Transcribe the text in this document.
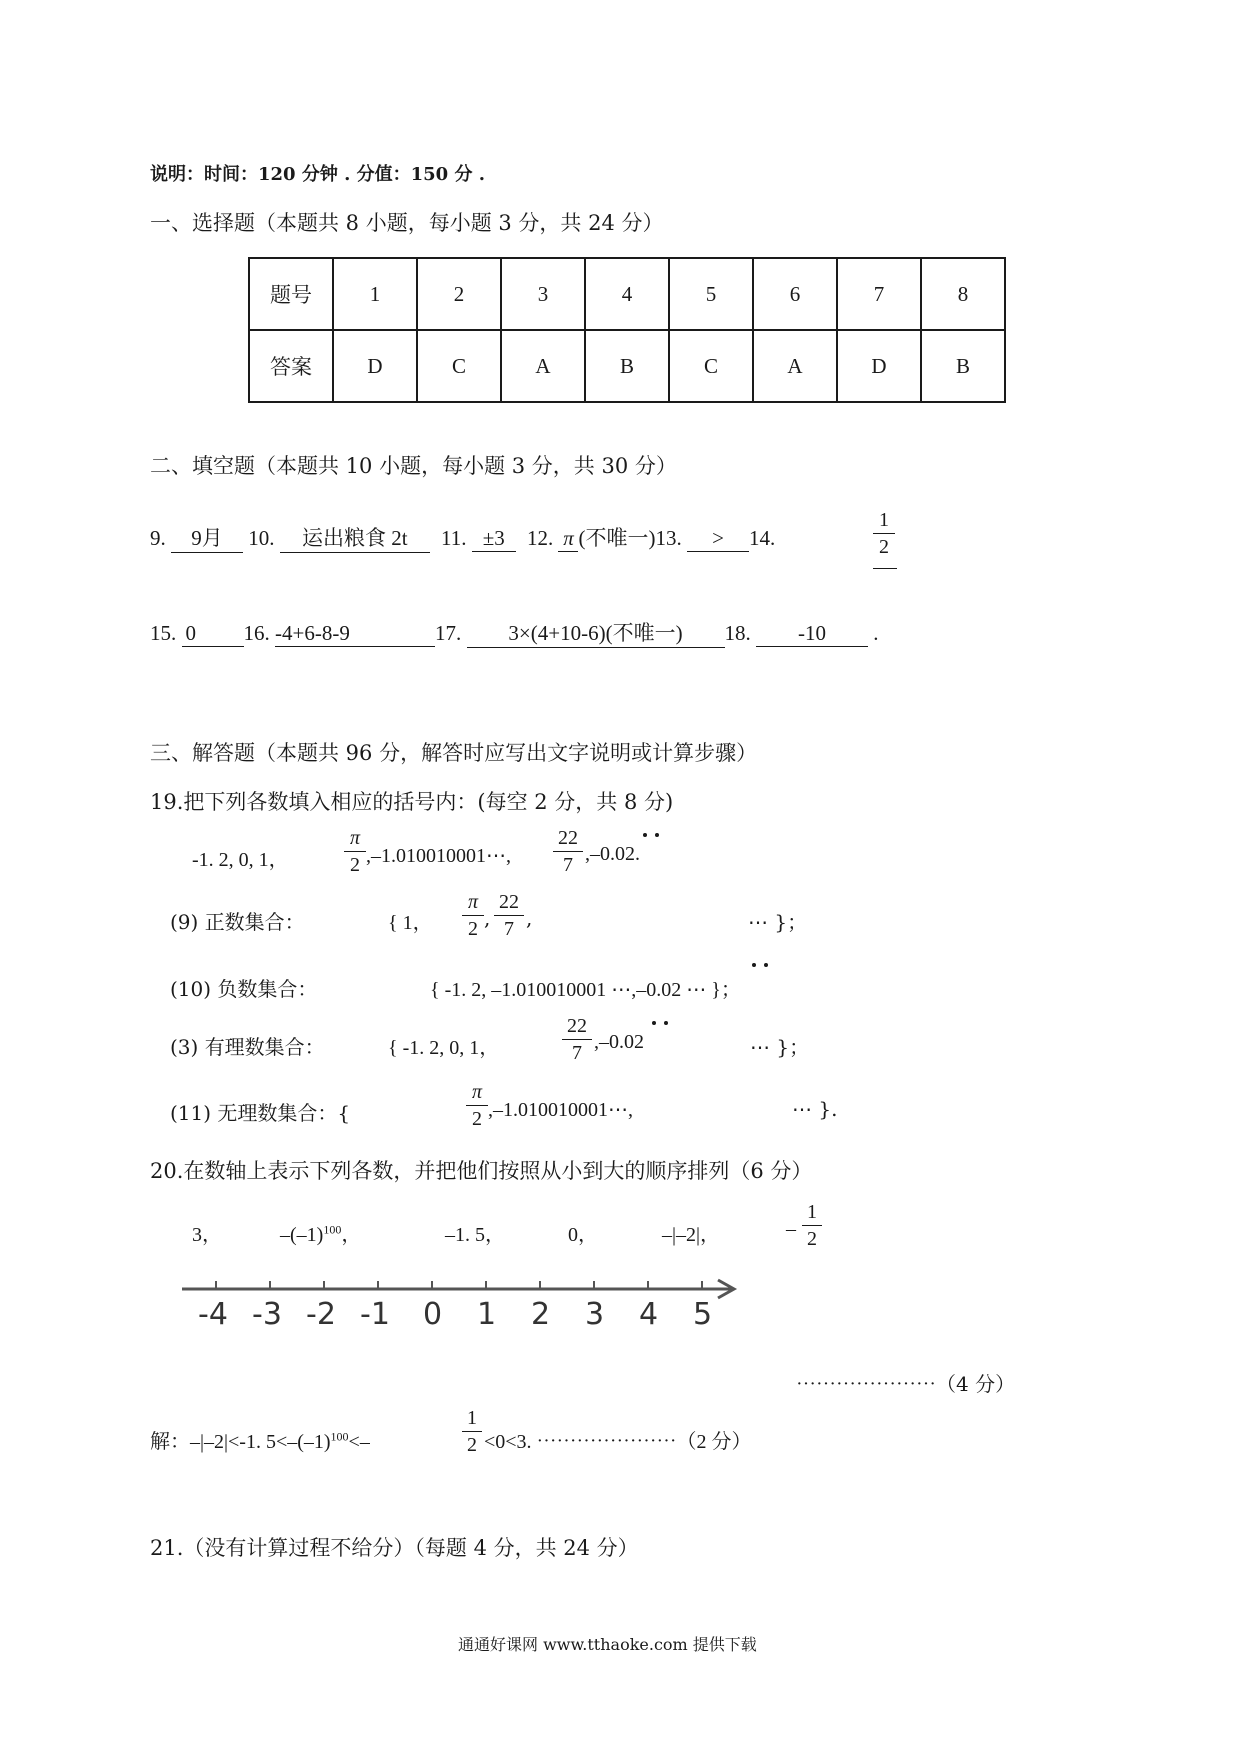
说明：时间：120 分钟 . 分值：150 分 .
一、选择题（本题共 8 小题，每小题 3 分，共 24 分）
题号	1	2	3	4	5	6	7	8
答案	D	C	A	B	C	A	D	B
二、填空题（本题共 10 小题，每小题 3 分，共 30 分）
9. 9月 10. 运出粮食 2t 11. ±3 12. π (不唯一)13. > 14.
1
2
15. 0 16. -4+6-8-9	17. 3×(4+10-6)(不唯一) 18. -10 .
三、解答题（本题共 96 分，解答时应写出文字说明或计算步骤）
19.把下列各数填入相应的括号内：(每空 2 分，共 8 分)
-1. 2, 0, 1，
π
2 ,–1.010010001⋯,
22
7 ,–0.02.
(9) 正数集合：	{ 1，
π
2 ,
22
7 ,	⋯ }；
(10) 负数集合：	{ -1. 2, –1.010010001 ⋯,–0.02 ⋯ }；
(3) 有理数集合：	{ -1. 2, 0, 1，
22
7 ,–0.02	⋯ }；
(11) 无理数集合：{
π
2 ,–1.010010001⋯,	⋯ }.
20.在数轴上表示下列各数，并把他们按照从小到大的顺序排列（6 分）
3，	$-(-1)^{100}$，	–1. 5，	0，	–|–2|，	–
1
2
-4 -3 -2 -1 0 1 2 3 4 5
⋯⋯⋯⋯⋯⋯⋯（4 分）
解：–|–2|<-1. $5<-(-1)^{100}<-$
1
2 <0<3. ⋯⋯⋯⋯⋯⋯⋯（2 分）
21.（没有计算过程不给分）（每题 4 分，共 24 分）
通通好课网 www.tthaoke.com 提供下载
